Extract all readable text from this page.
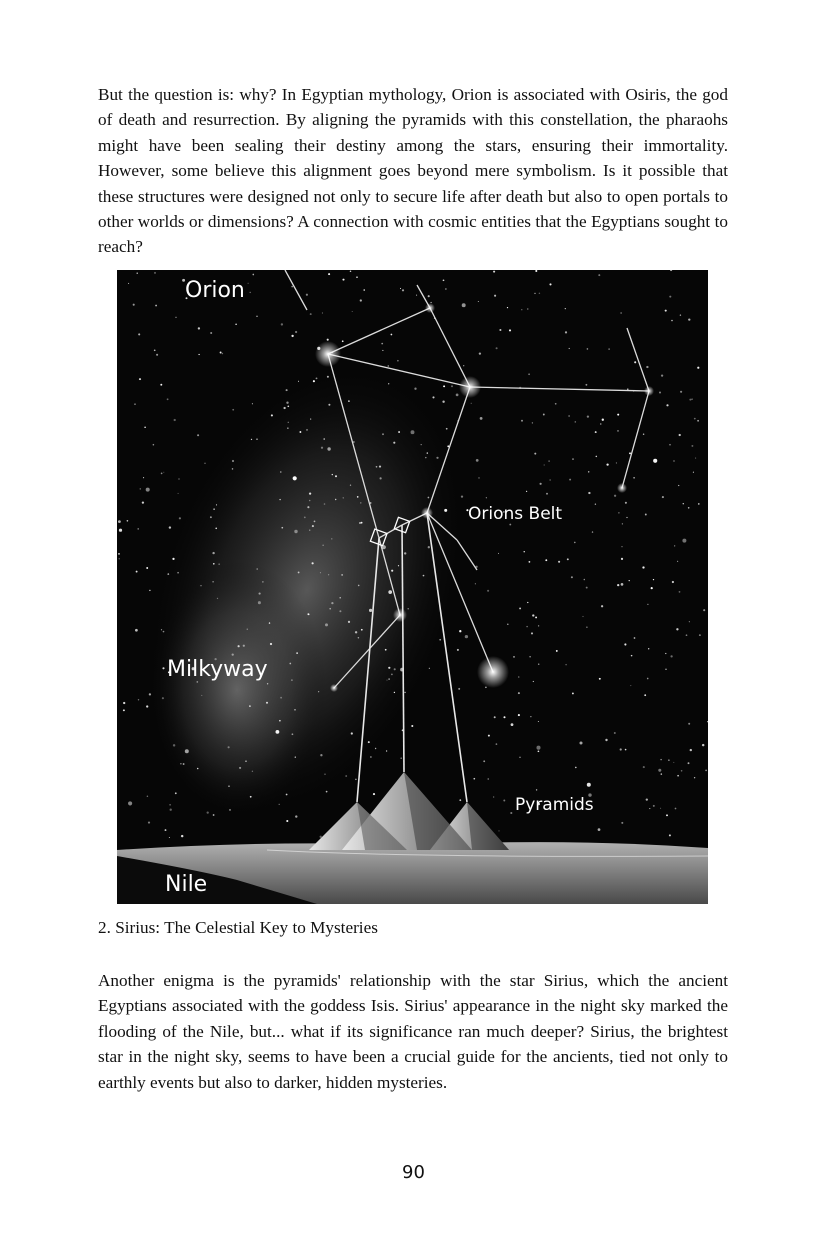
But the question is: why? In Egyptian mythology, Orion is associated with Osiris, the god of death and resurrection. By aligning the pyramids with this constellation, the pharaohs might have been sealing their destiny among the stars, ensuring their immortality. However, some believe this alignment goes beyond mere symbolism. Is it possible that these structures were designed not only to secure life after death but also to open portals to other worlds or dimensions? A connection with cosmic entities that the Egyptians sought to reach?

Orion
Orions Belt
Milkyway
Pyramids
Nile

2. Sirius: The Celestial Key to Mysteries

Another enigma is the pyramids' relationship with the star Sirius, which the ancient Egyptians associated with the goddess Isis. Sirius' appearance in the night sky marked the flooding of the Nile, but... what if its significance ran much deeper? Sirius, the brightest star in the night sky, seems to have been a crucial guide for the ancients, tied not only to earthly events but also to darker, hidden mysteries.

90
